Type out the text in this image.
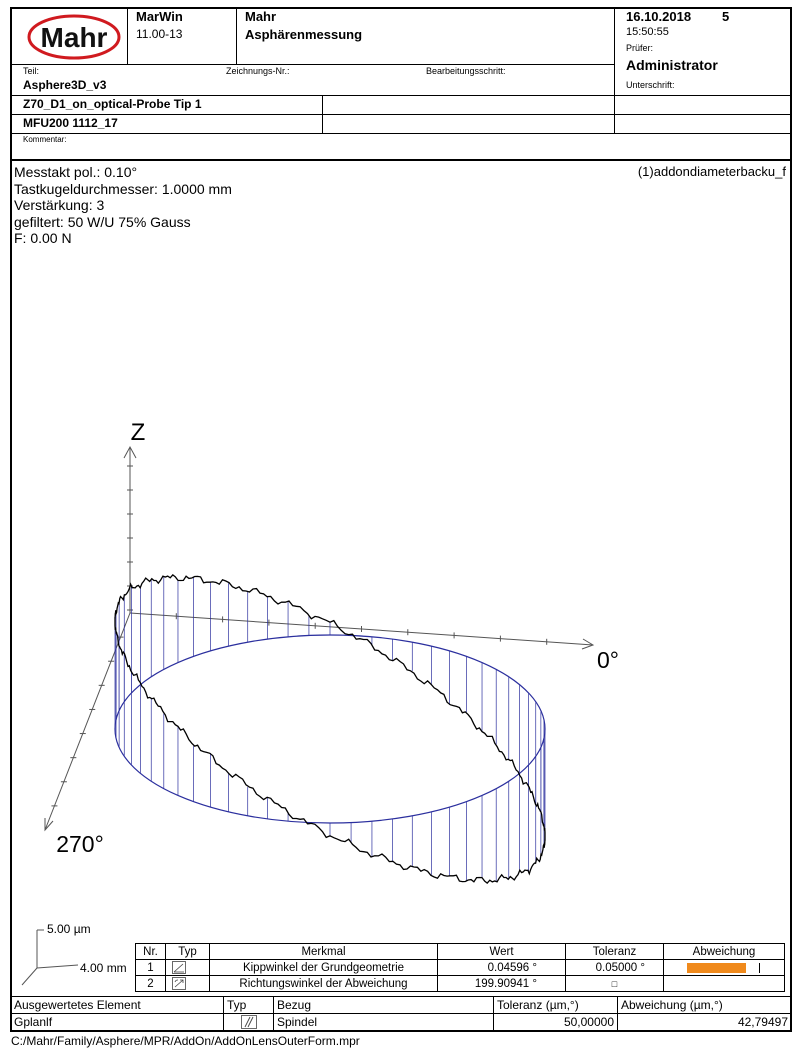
Mahr
MarWin
11.00-13
Mahr
Asphärenmessung
16.10.2018 5
15:50:55
Prüfer:
Administrator
Unterschrift:
Teil:	Zeichnungs-Nr.:	Bearbeitungsschritt:
Asphere3D_v3
Z70_D1_on_optical-Probe Tip 1
MFU200 1112_17
Kommentar:
Messtakt pol.: 0.10°
Tastkugeldurchmesser: 1.0000 mm
Verstärkung: 3
gefiltert: 50 W/U 75% Gauss
F: 0.00 N
(1)addondiameterbacku_f
Z
0°
270°
5.00 µm
4.00 mm
Nr.	Typ	Merkmal	Wert	Toleranz	Abweichung
1		Kippwinkel der Grundgeometrie	0.04596 °	0.05000 °	

2		Richtungswinkel der Abweichung	199.90941 °	□	
Ausgewertetes Element	Typ	Bezug	Toleranz (µm,°)	Abweichung (µm,°)
Gplanlf		Spindel	50,00000	42,79497
C:/Mahr/Family/Asphere/MPR/AddOn/AddOnLensOuterForm.mpr
